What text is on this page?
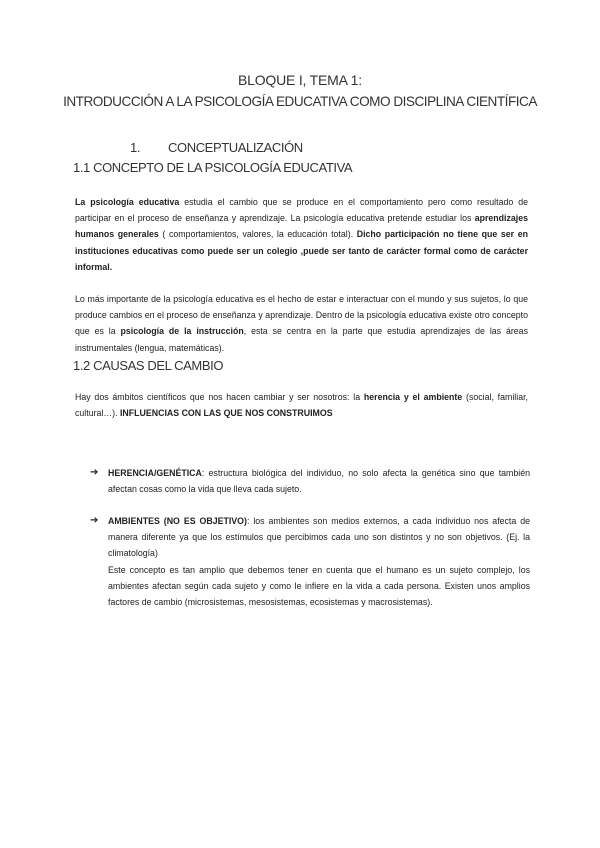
BLOQUE I, TEMA 1:
INTRODUCCIÓN A LA PSICOLOGÍA EDUCATIVA COMO DISCIPLINA CIENTÍFICA
1. CONCEPTUALIZACIÓN
1.1 CONCEPTO DE LA PSICOLOGÍA EDUCATIVA
La psicología educativa estudia el cambio que se produce en el comportamiento pero como resultado de participar en el proceso de enseñanza y aprendizaje. La psicología educativa pretende estudiar los aprendizajes humanos generales ( comportamientos, valores, la educación total). Dicho participación no tiene que ser en instituciones educativas como puede ser un colegio ,puede ser tanto de carácter formal como de carácter informal.
Lo más importante de la psicología educativa es el hecho de estar e interactuar con el mundo y sus sujetos, lo que produce cambios en el proceso de enseñanza y aprendizaje. Dentro de la psicología educativa existe otro concepto que es la psicología de la instrucción, esta se centra en la parte que estudia aprendizajes de las áreas instrumentales (lengua, matemáticas).
1.2 CAUSAS DEL CAMBIO
Hay dos ámbitos científicos que nos hacen cambiar y ser nosotros: la herencia y el ambiente (social, familiar, cultural…). INFLUENCIAS CON LAS QUE NOS CONSTRUIMOS
➔	HERENCIA/GENÉTICA: estructura biológica del individuo, no solo afecta la genética sino que también afectan cosas como la vida que lleva cada sujeto.
➔	AMBIENTES (NO ES OBJETIVO): los ambientes son medios externos, a cada individuo nos afecta de manera diferente ya que los estímulos que percibimos cada uno son distintos y no son objetivos. (Ej. la climatología)
Este concepto es tan amplio que debemos tener en cuenta que el humano es un sujeto complejo, los ambientes afectan según cada sujeto y como le infiere en la vida a cada persona. Existen unos amplios factores de cambio (microsistemas, mesosistemas, ecosistemas y macrosistemas).
